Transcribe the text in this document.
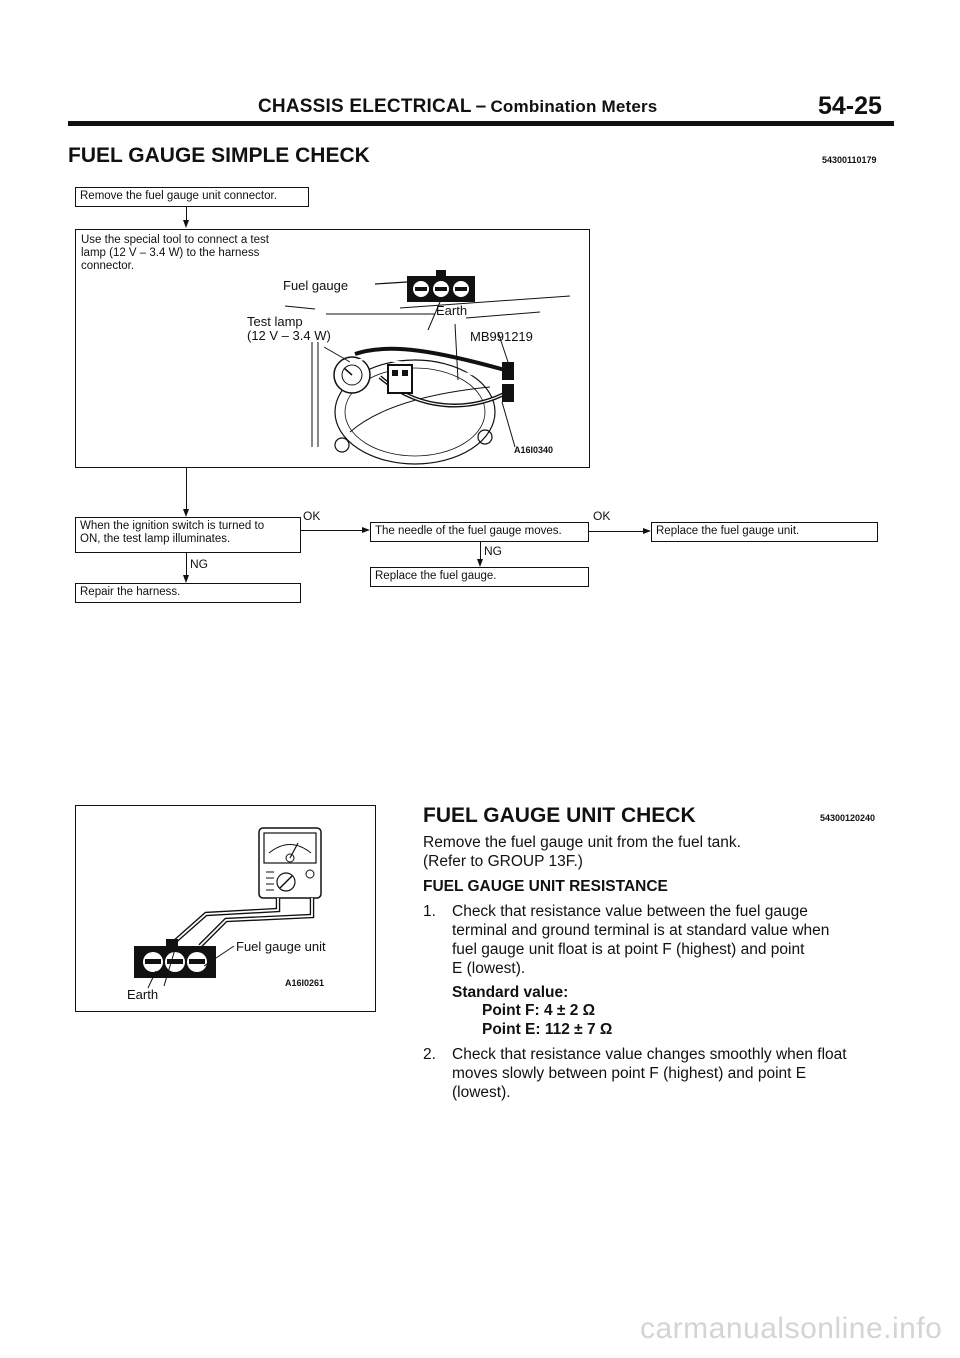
CHASSIS ELECTRICAL – Combination Meters	54-25
FUEL GAUGE SIMPLE CHECK	54300110179
Remove the fuel gauge unit connector.
Use the special tool to connect a test
lamp (12 V – 3.4 W) to the harness
connector.
Fuel gauge
Earth
Test lamp
(12 V – 3.4 W)	MB991219
A16I0340
When the ignition switch is turned to
ON, the test lamp illuminates.
OK
NG
Repair the harness.
The needle of the fuel gauge moves.
OK
Replace the fuel gauge unit.
NG
Replace the fuel gauge.
Fuel gauge unit
Earth
A16I0261
FUEL GAUGE UNIT CHECK	54300120240
Remove the fuel gauge unit from the fuel tank.
(Refer to GROUP 13F.)
FUEL GAUGE UNIT RESISTANCE
1. Check that resistance value between the fuel gauge
terminal and ground terminal is at standard value when
fuel gauge unit float is at point F (highest) and point
E (lowest).
Standard value:
Point F: 4 ± 2 Ω
Point E: 112 ± 7 Ω
2. Check that resistance value changes smoothly when float
moves slowly between point F (highest) and point E
(lowest).
carmanualsonline.info
